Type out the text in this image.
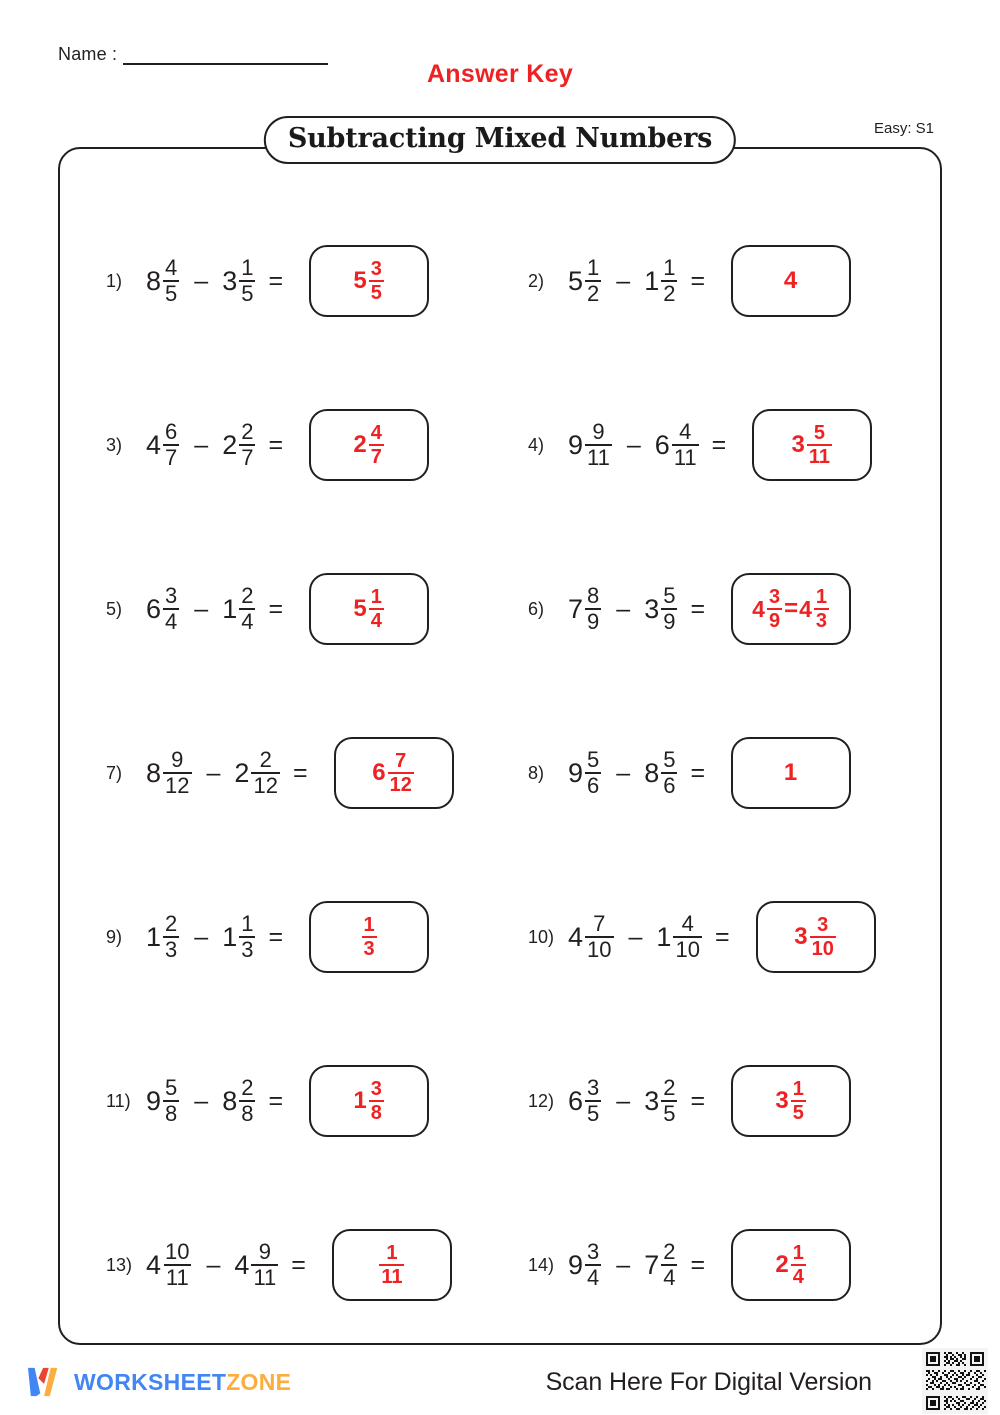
Name :
Answer Key
Subtracting Mixed Numbers	Easy: S1
1) $8 \frac{4}{5} - 3 \frac{1}{5}$ =	$5 \frac{3}{5}$	2) $5 \frac{1}{2} - 1 \frac{1}{2}$ =	4
3) $4 \frac{6}{7} - 2 \frac{2}{7}$ =	$2 \frac{4}{7}$	4) $9 \frac{9}{11} - 6 \frac{4}{11}$ =	$3 \frac{5}{11}$
5) $6 \frac{3}{4} - 1 \frac{2}{4}$ =	$5 \frac{1}{4}$	6) $7 \frac{8}{9} - 3 \frac{5}{9}$ =	$4 \frac{3}{9} = 4 \frac{1}{3}$
7) $8 \frac{9}{12} - 2 \frac{2}{12}$ =	$6 \frac{7}{12}$	8) $9 \frac{5}{6} - 8 \frac{5}{6}$ =	1
9) $1 \frac{2}{3} - 1 \frac{1}{3}$ =	$\frac{1}{3}$	10) $4 \frac{7}{10} - 1 \frac{4}{10}$ =	$3 \frac{3}{10}$
11) $9 \frac{5}{8} - 8 \frac{2}{8}$ =	$1 \frac{3}{8}$	12) $6 \frac{3}{5} - 3 \frac{2}{5}$ =	$3 \frac{1}{5}$
13) $4 \frac{10}{11} - 4 \frac{9}{11}$ =	$\frac{1}{11}$	14) $9 \frac{3}{4} - 7 \frac{2}{4}$ =	$2 \frac{1}{4}$
WORKSHEETZONE	Scan Here For Digital Version
